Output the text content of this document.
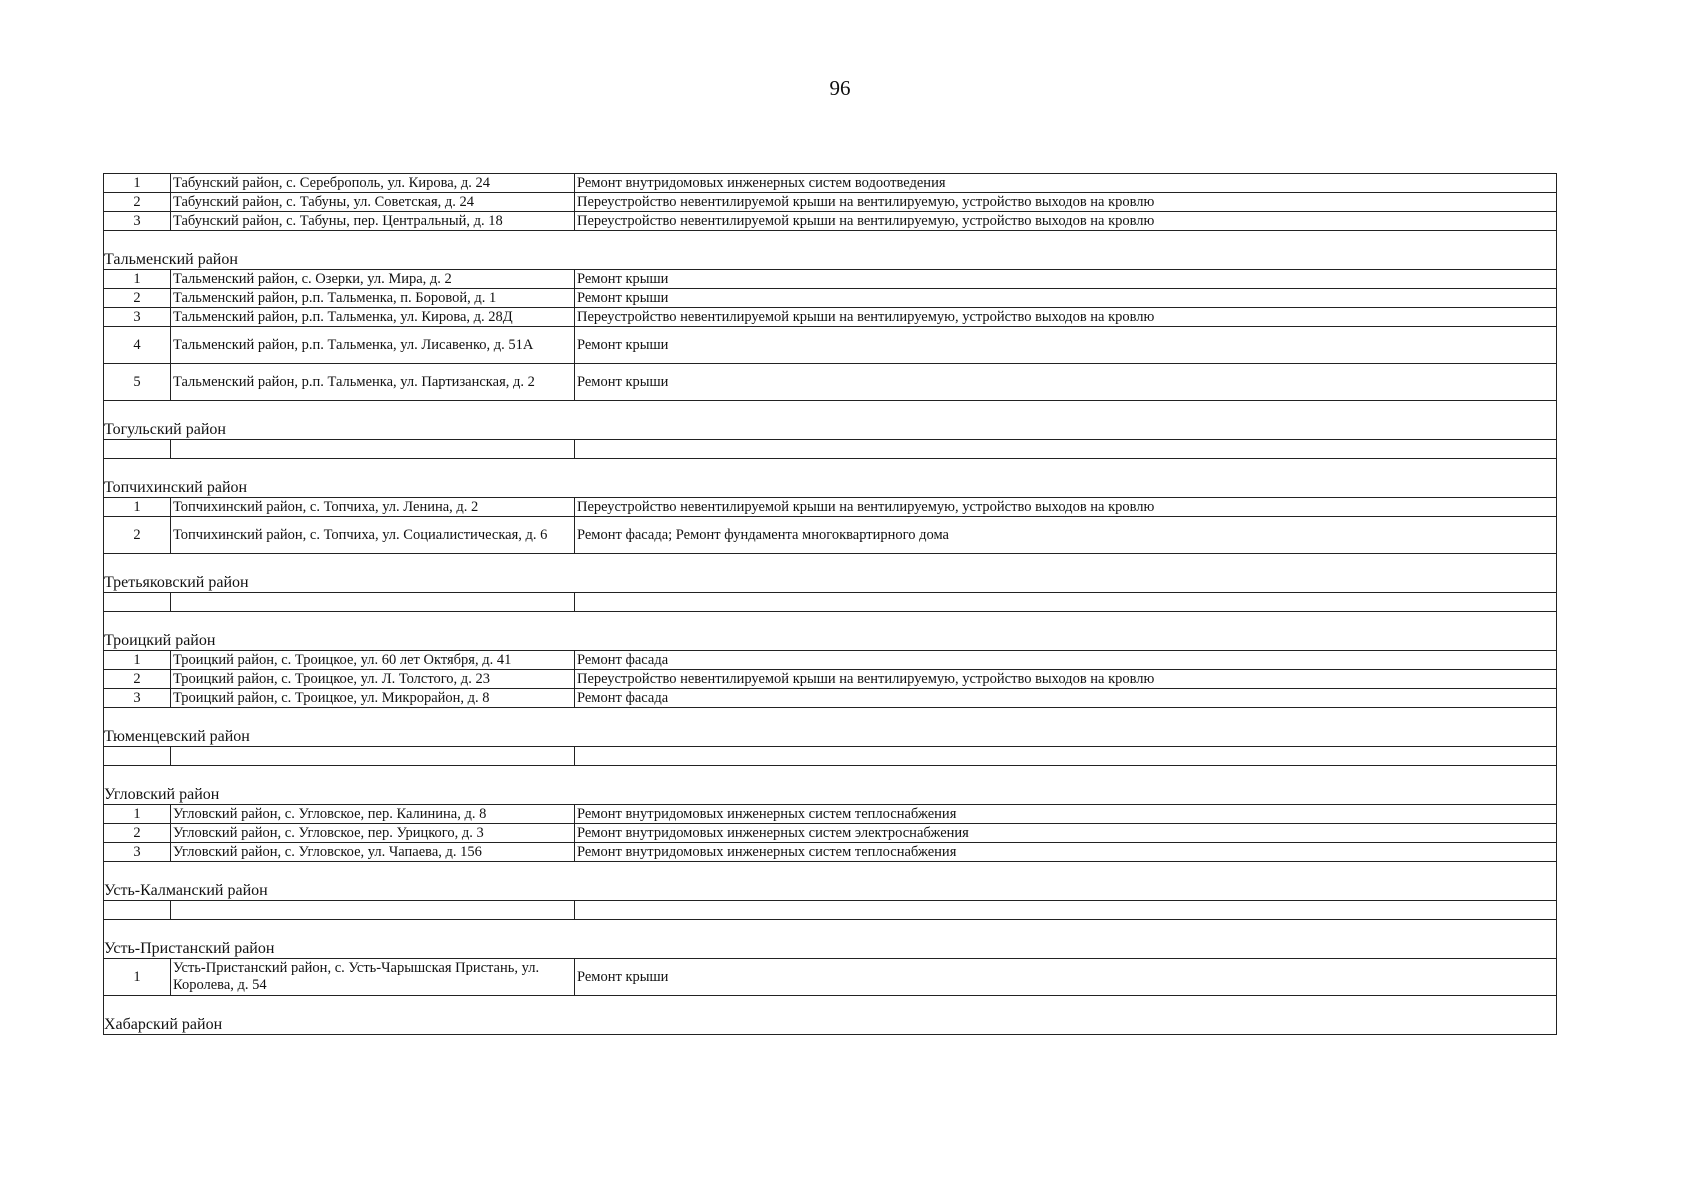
96
1	Табунский район, с. Сереброполь, ул. Кирова, д. 24	Ремонт внутридомовых инженерных систем водоотведения
2	Табунский район, с. Табуны, ул. Советская, д. 24	Переустройство невентилируемой крыши на вентилируемую, устройство выходов на кровлю
3	Табунский район, с. Табуны, пер. Центральный, д. 18	Переустройство невентилируемой крыши на вентилируемую, устройство выходов на кровлю

Тальменский район		
1	Тальменский район, с. Озерки, ул. Мира, д. 2	Ремонт крыши
2	Тальменский район, р.п. Тальменка, п. Боровой, д. 1	Ремонт крыши
3	Тальменский район, р.п. Тальменка, ул. Кирова, д. 28Д	Переустройство невентилируемой крыши на вентилируемую, устройство выходов на кровлю
4	Тальменский район, р.п. Тальменка, ул. Лисавенко, д. 51А	Ремонт крыши
5	Тальменский район, р.п. Тальменка, ул. Партизанская, д. 2	Ремонт крыши

Тогульский район		

Топчихинский район		
1	Топчихинский район, с. Топчиха, ул. Ленина, д. 2	Переустройство невентилируемой крыши на вентилируемую, устройство выходов на кровлю
2	Топчихинский район, с. Топчиха, ул. Социалистическая, д. 6	Ремонт фасада; Ремонт фундамента многоквартирного дома

Третьяковский район		

Троицкий район		
1	Троицкий район, с. Троицкое, ул. 60 лет Октября, д. 41	Ремонт фасада
2	Троицкий район, с. Троицкое, ул. Л. Толстого, д. 23	Переустройство невентилируемой крыши на вентилируемую, устройство выходов на кровлю
3	Троицкий район, с. Троицкое, ул. Микрорайон, д. 8	Ремонт фасада

Тюменцевский район		

Угловский район		
1	Угловский район, с. Угловское, пер. Калинина, д. 8	Ремонт внутридомовых инженерных систем теплоснабжения
2	Угловский район, с. Угловское, пер. Урицкого, д. 3	Ремонт внутридомовых инженерных систем электроснабжения
3	Угловский район, с. Угловское, ул. Чапаева, д. 156	Ремонт внутридомовых инженерных систем теплоснабжения

Усть-Калманский район		

Усть-Пристанский район		
1	Усть-Пристанский район, с. Усть-Чарышская Пристань, ул. Королева, д. 54	Ремонт крыши

Хабарский район		
